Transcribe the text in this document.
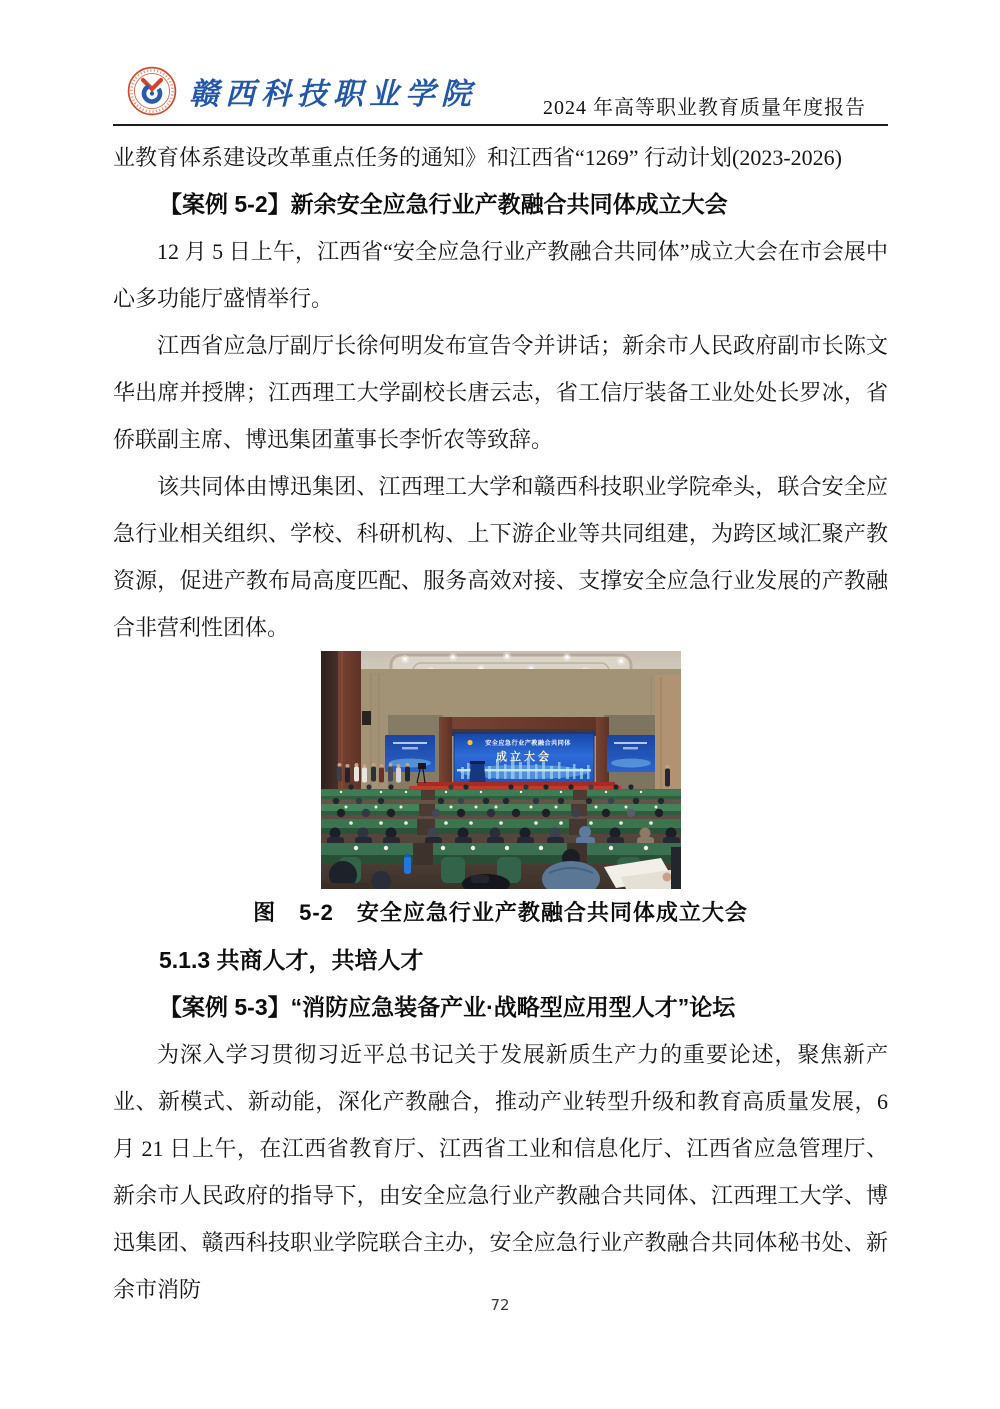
赣西科技职业学院	2024 年高等职业教育质量年度报告

业教育体系建设改革重点任务的通知》和江西省“1269” 行动计划(2023-2026)

【案例 5-2】新余安全应急行业产教融合共同体成立大会

12 月 5 日上午，江西省“安全应急行业产教融合共同体”成立大会在市会展中心多功能厅盛情举行。

江西省应急厅副厅长徐何明发布宣告令并讲话；新余市人民政府副市长陈文华出席并授牌；江西理工大学副校长唐云志，省工信厅装备工业处处长罗冰，省侨联副主席、博迅集团董事长李忻农等致辞。

该共同体由博迅集团、江西理工大学和赣西科技职业学院牵头，联合安全应急行业相关组织、学校、科研机构、上下游企业等共同组建，为跨区域汇聚产教资源，促进产教布局高度匹配、服务高效对接、支撑安全应急行业发展的产教融合非营利性团体。

安全应急行业产教融合共同体
成立大会
图　5-2　安全应急行业产教融合共同体成立大会
5.1.3 共商人才，共培人才
【案例 5-3】“消防应急装备产业·战略型应用型人才”论坛

为深入学习贯彻习近平总书记关于发展新质生产力的重要论述，聚焦新产业、新模式、新动能，深化产教融合，推动产业转型升级和教育高质量发展，6 月 21 日上午，在江西省教育厅、江西省工业和信息化厅、江西省应急管理厅、新余市人民政府的指导下，由安全应急行业产教融合共同体、江西理工大学、博迅集团、赣西科技职业学院联合主办，安全应急行业产教融合共同体秘书处、新余市消防

72
